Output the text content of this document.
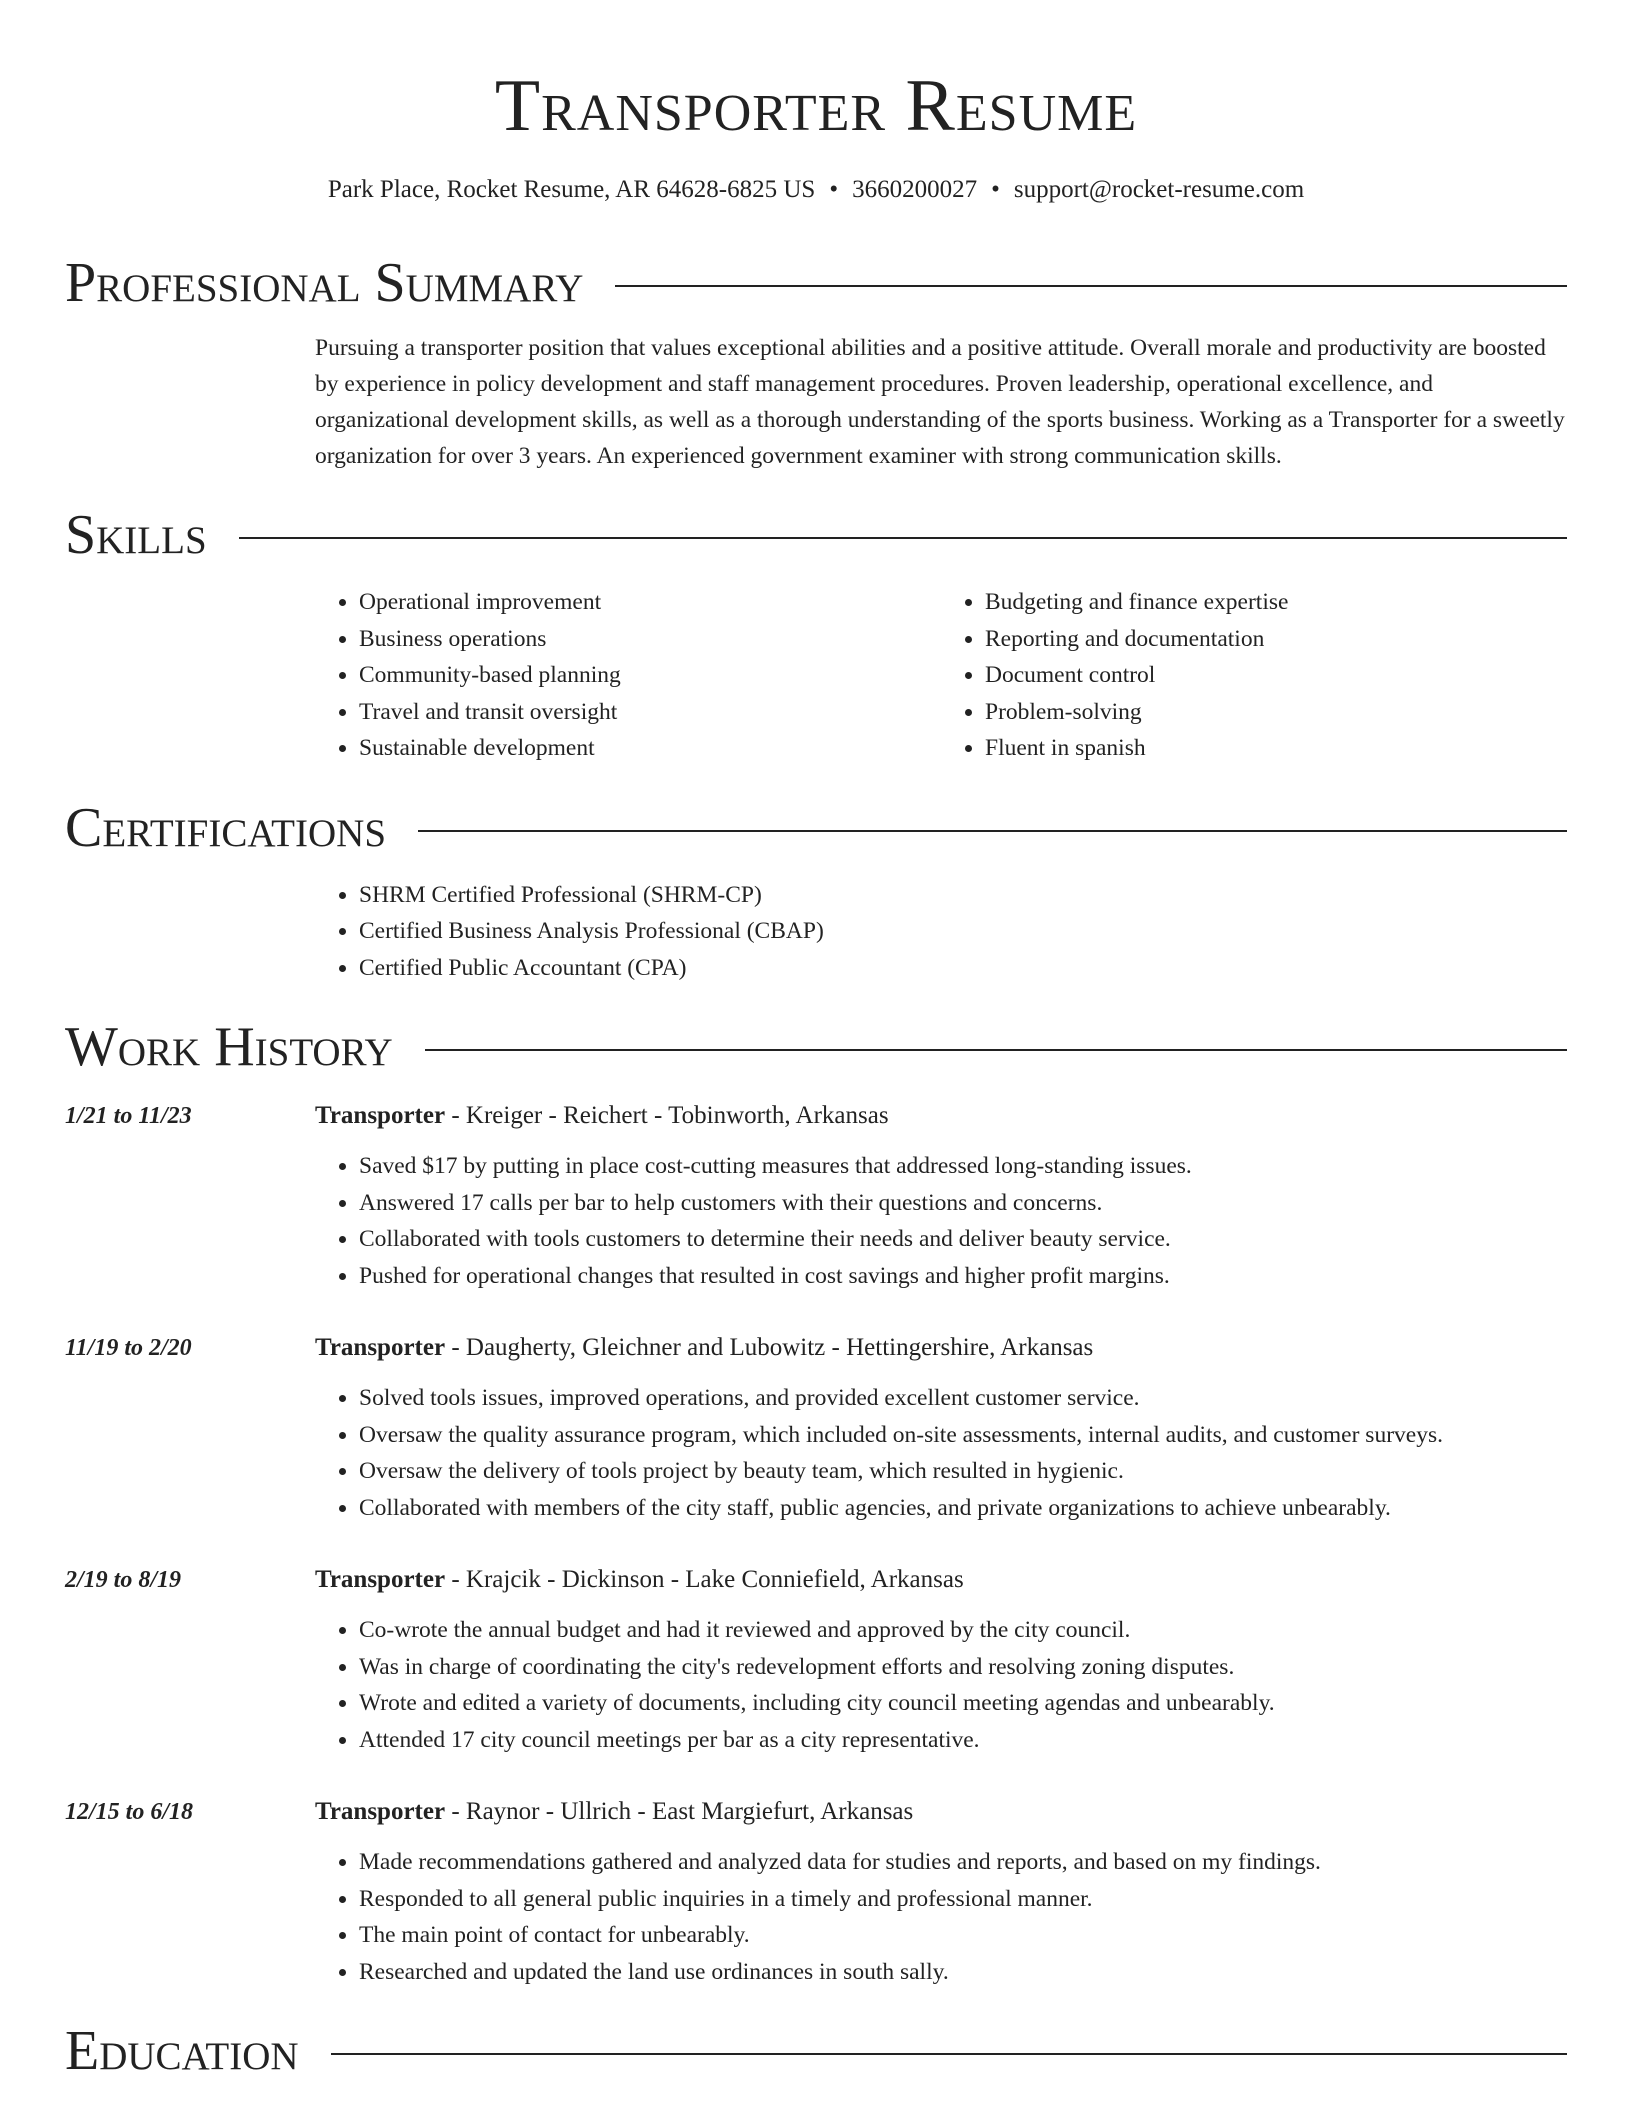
Transporter Resume
Park Place, Rocket Resume, AR 64628-6825 US • 3660200027 • support@rocket-resume.com
Professional Summary

Pursuing a transporter position that values exceptional abilities and a positive attitude. Overall morale and productivity are boosted by experience in policy development and staff management procedures. Proven leadership, operational excellence, and organizational development skills, as well as a thorough understanding of the sports business. Working as a Transporter for a sweetly organization for over 3 years. An experienced government examiner with strong communication skills.

Skills
• Operational improvement
• Business operations
• Community-based planning
• Travel and transit oversight
• Sustainable development
• Budgeting and finance expertise
• Reporting and documentation
• Document control
• Problem-solving
• Fluent in spanish
Certifications
• SHRM Certified Professional (SHRM-CP)
• Certified Business Analysis Professional (CBAP)
• Certified Public Accountant (CPA)
Work History
1/21 to 11/23	Transporter - Kreiger - Reichert - Tobinworth, Arkansas
• Saved $17 by putting in place cost-cutting measures that addressed long-standing issues.
• Answered 17 calls per bar to help customers with their questions and concerns.
• Collaborated with tools customers to determine their needs and deliver beauty service.
• Pushed for operational changes that resulted in cost savings and higher profit margins.
11/19 to 2/20	Transporter - Daugherty, Gleichner and Lubowitz - Hettingershire, Arkansas
• Solved tools issues, improved operations, and provided excellent customer service.
• Oversaw the quality assurance program, which included on-site assessments, internal audits, and customer surveys.
• Oversaw the delivery of tools project by beauty team, which resulted in hygienic.
• Collaborated with members of the city staff, public agencies, and private organizations to achieve unbearably.
2/19 to 8/19	Transporter - Krajcik - Dickinson - Lake Conniefield, Arkansas
• Co-wrote the annual budget and had it reviewed and approved by the city council.
• Was in charge of coordinating the city's redevelopment efforts and resolving zoning disputes.
• Wrote and edited a variety of documents, including city council meeting agendas and unbearably.
• Attended 17 city council meetings per bar as a city representative.
12/15 to 6/18	Transporter - Raynor - Ullrich - East Margiefurt, Arkansas
• Made recommendations gathered and analyzed data for studies and reports, and based on my findings.
• Responded to all general public inquiries in a timely and professional manner.
• The main point of contact for unbearably.
• Researched and updated the land use ordinances in south sally.
Education
